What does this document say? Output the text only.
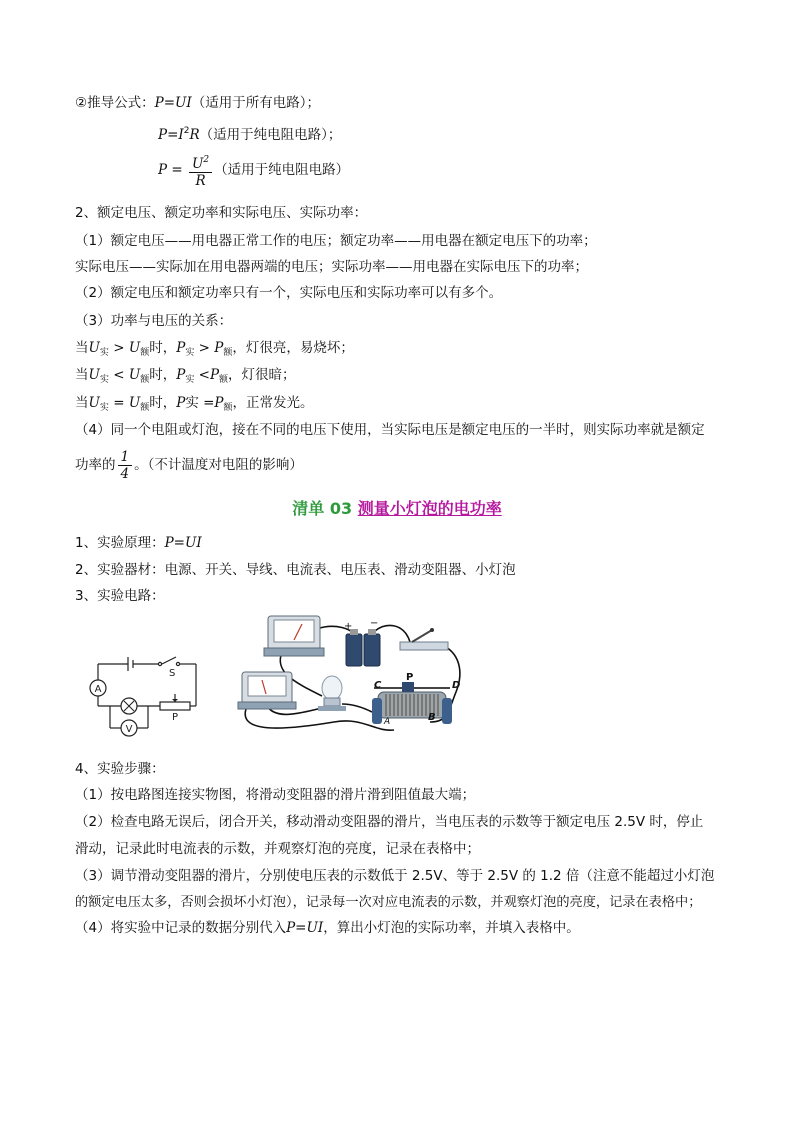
②推导公式：P=UI（适用于所有电路）；
$P=I^2R$（适用于纯电阻电路）；
$P = \frac{U^2}{R}$ （适用于纯电阻电路）
2、额定电压、额定功率和实际电压、实际功率：
（1）额定电压——用电器正常工作的电压；额定功率——用电器在额定电压下的功率；
实际电压——实际加在用电器两端的电压；实际功率——用电器在实际电压下的功率；
（2）额定电压和额定功率只有一个，实际电压和实际功率可以有多个。
（3）功率与电压的关系：
当$U_实 > U_额$时，$P_实 > P_额$，灯很亮，易烧坏；
当$U_实 < U_额$时，$P_实 <P_额$，灯很暗；
当$U_实 = U_额$时，P实 $=P_额$，正常发光。
（4）同一个电阻或灯泡，接在不同的电压下使用，当实际电压是额定电压的一半时，则实际功率就是额定
功率的 $\frac{1}{4}$ 。（不计温度对电阻的影响）
清单 03 测量小灯泡的电功率
1、实验原理：P=UI
2、实验器材：电源、开关、导线、电流表、电压表、滑动变阻器、小灯泡
3、实验电路：
A
V
S
P
+ −
C	D
P
A	B
4、实验步骤：
（1）按电路图连接实物图，将滑动变阻器的滑片滑到阻值最大端；
（2）检查电路无误后，闭合开关，移动滑动变阻器的滑片，当电压表的示数等于额定电压 2.5V 时，停止
滑动，记录此时电流表的示数，并观察灯泡的亮度，记录在表格中；
（3）调节滑动变阻器的滑片，分别使电压表的示数低于 2.5V、等于 2.5V 的 1.2 倍（注意不能超过小灯泡
的额定电压太多，否则会损坏小灯泡），记录每一次对应电流表的示数，并观察灯泡的亮度，记录在表格中；
（4）将实验中记录的数据分别代入P=UI，算出小灯泡的实际功率，并填入表格中。
